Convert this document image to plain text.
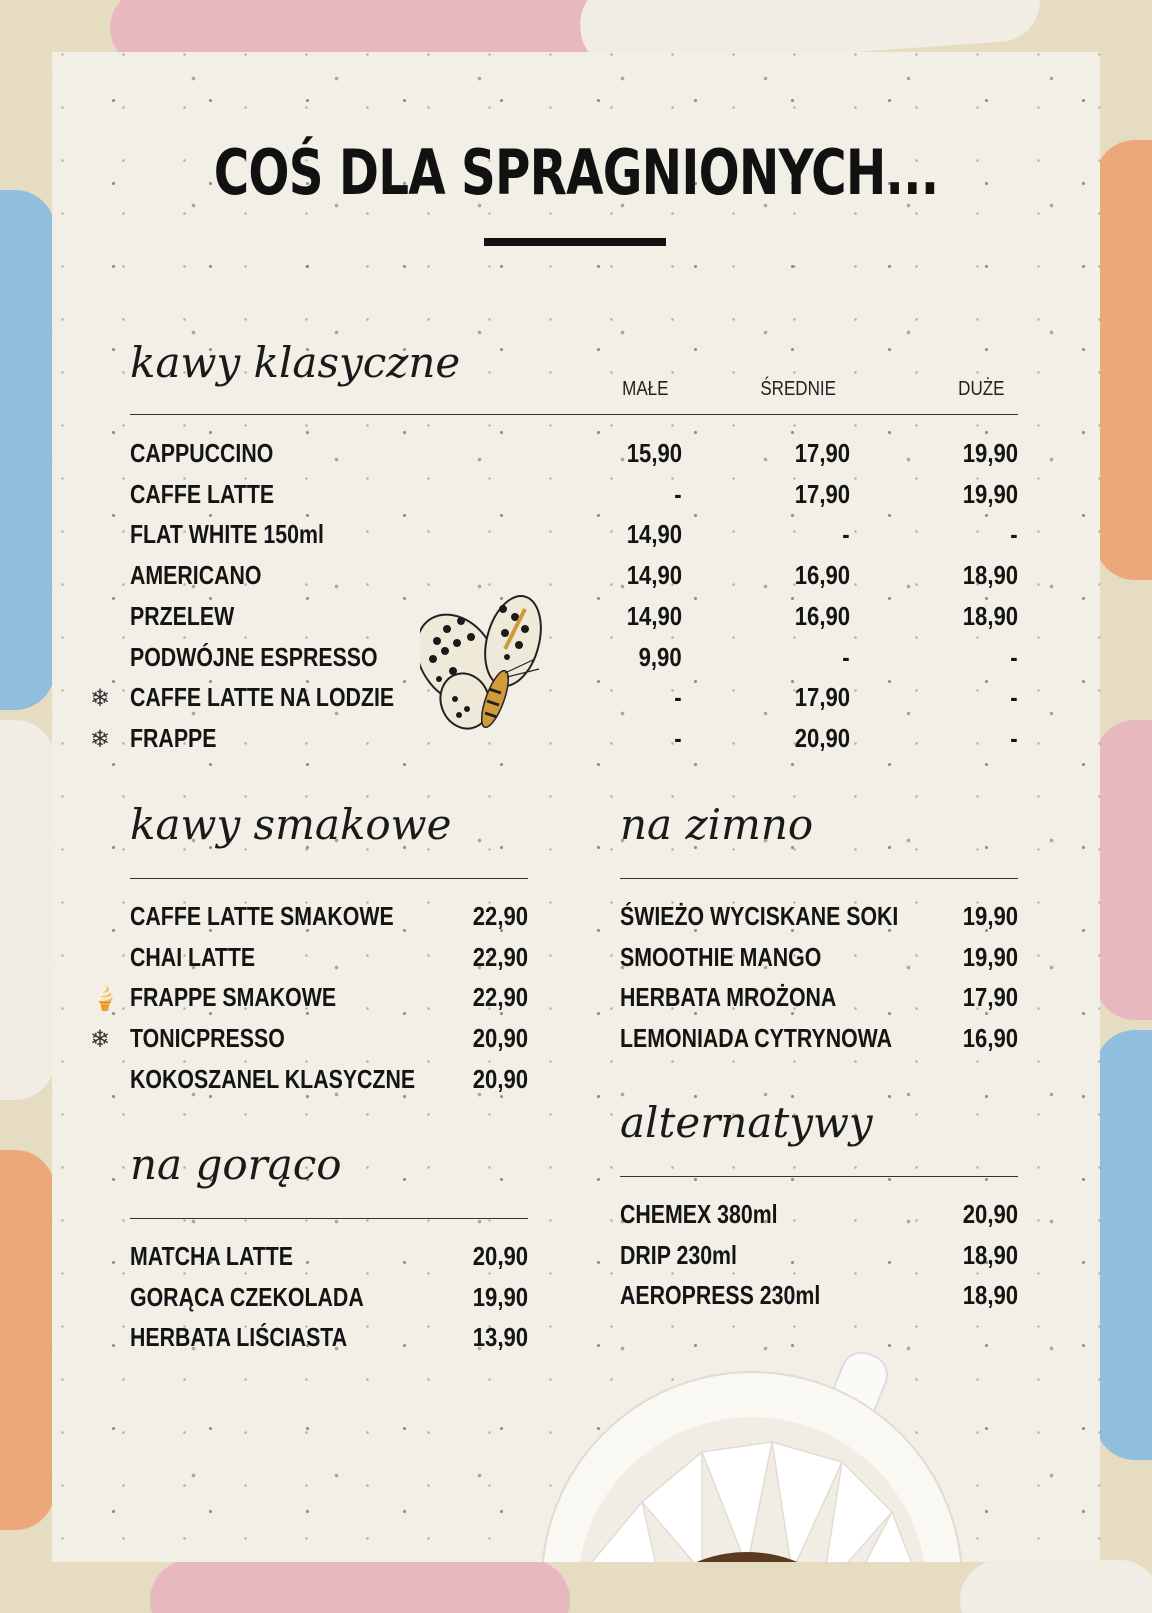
COŚ DLA SPRAGNIONYCH...
kawy klasyczne
MAŁE	ŚREDNIE	DUŻE
kawy smakowe	na zimno
na gorąco
alternatywy
CAPPUCCINO	15,90	17,90	19,90
CAFFE LATTE	-	17,90	19,90
FLAT WHITE 150ml	14,90	-	-
AMERICANO	14,90	16,90	18,90
PRZELEW	14,90	16,90	18,90
PODWÓJNE ESPRESSO	9,90	-	-
CAFFE LATTE NA LODZIE	-	17,90	-
❄
FRAPPE	-	20,90	-
❄
CAFFE LATTE SMAKOWE	22,90
CHAI LATTE	22,90
FRAPPE SMAKOWE	22,90
🍦
TONICPRESSO	20,90
❄
KOKOSZANEL KLASYCZNE 20,90
ŚWIEŻO WYCISKANE SOKI 19,90
SMOOTHIE MANGO	19,90
HERBATA MROŻONA	17,90
LEMONIADA CYTRYNOWA	16,90
MATCHA LATTE	20,90
GORĄCA CZEKOLADA	19,90
HERBATA LIŚCIASTA	13,90
CHEMEX 380ml	20,90
DRIP 230ml	18,90
AEROPRESS 230ml	18,90
